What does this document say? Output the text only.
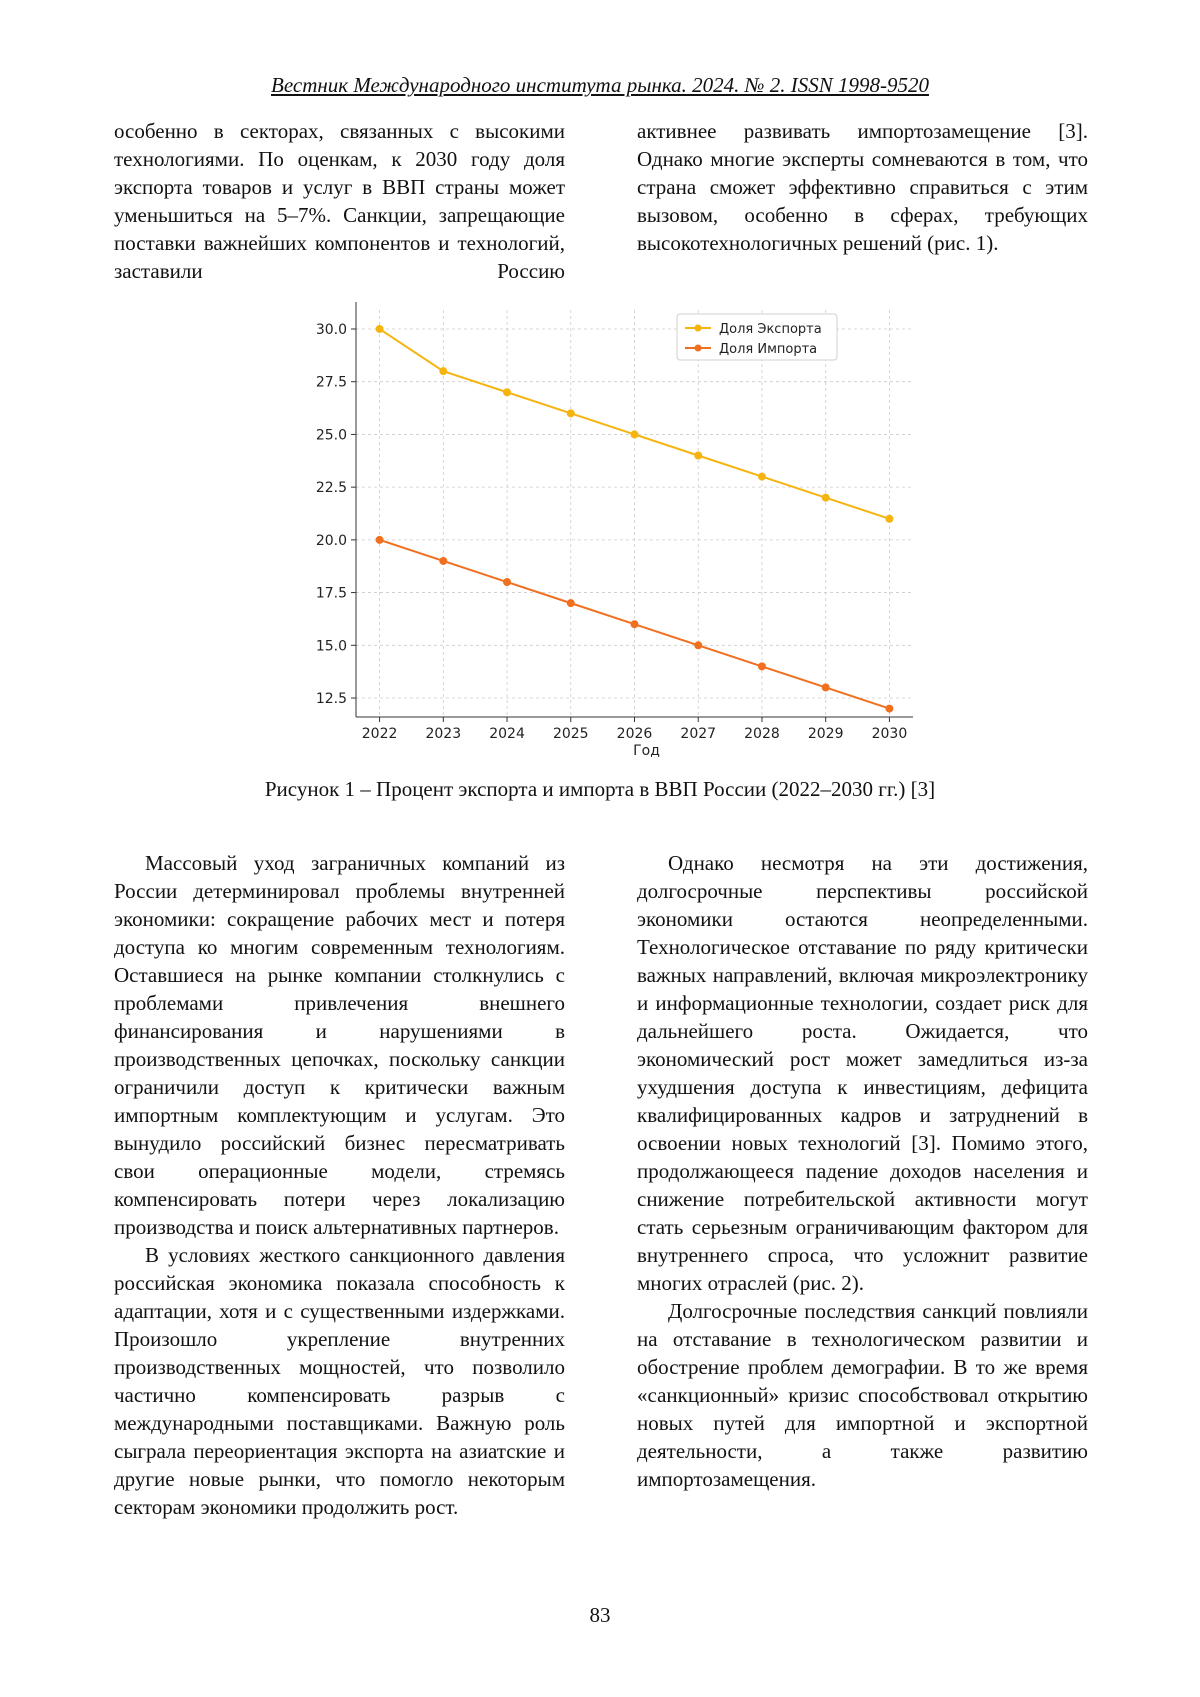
Вестник Международного института рынка. 2024. № 2. ISSN 1998-9520

особенно в секторах, связанных с высокими технологиями. По оценкам, к 2030 году доля экспорта товаров и услуг в ВВП страны может уменьшиться на 5–7%. Санкции, запрещающие поставки важнейших компонентов и технологий, заставили Россию

активнее развивать импортозамещение [3]. Однако многие эксперты сомневаются в том, что страна сможет эффективно справиться с этим вызовом, особенно в сферах, требующих высокотехнологичных решений (рис. 1).

12.5
15.0
17.5
20.0
22.5
25.0
27.5
30.0
2022 2023 2024 2025 2026 2027 2028 2029 2030
Год
Доля Экспорта
Доля Импорта
Рисунок 1 – Процент экспорта и импорта в ВВП России (2022–2030 гг.) [3]

Массовый уход заграничных компаний из России детерминировал проблемы внутренней экономики: сокращение рабочих мест и потеря доступа ко многим современным технологиям. Оставшиеся на рынке компании столкнулись с проблемами привлечения внешнего финансирования и нарушениями в производственных цепочках, поскольку санкции ограничили доступ к критически важным импортным комплектующим и услугам. Это вынудило российский бизнес пересматривать свои операционные модели, стремясь компенсировать потери через локализацию производства и поиск альтернативных партнеров.

В условиях жесткого санкционного давления российская экономика показала способность к адаптации, хотя и с существенными издержками. Произошло укрепление внутренних производственных мощностей, что позволило частично компенсировать разрыв с международными поставщиками. Важную роль сыграла переориентация экспорта на азиатские и другие новые рынки, что помогло некоторым секторам экономики продолжить рост.

Однако несмотря на эти достижения, долгосрочные перспективы российской экономики остаются неопределенными. Технологическое отставание по ряду критически важных направлений, включая микроэлектронику и информационные технологии, создает риск для дальнейшего роста. Ожидается, что экономический рост может замедлиться из-за ухудшения доступа к инвестициям, дефицита квалифицированных кадров и затруднений в освоении новых технологий [3]. Помимо этого, продолжающееся падение доходов населения и снижение потребительской активности могут стать серьезным ограничивающим фактором для внутреннего спроса, что усложнит развитие многих отраслей (рис. 2).

Долгосрочные последствия санкций повлияли на отставание в технологическом развитии и обострение проблем демографии. В то же время «санкционный» кризис способствовал открытию новых путей для импортной и экспортной деятельности, а также развитию импортозамещения.

83
